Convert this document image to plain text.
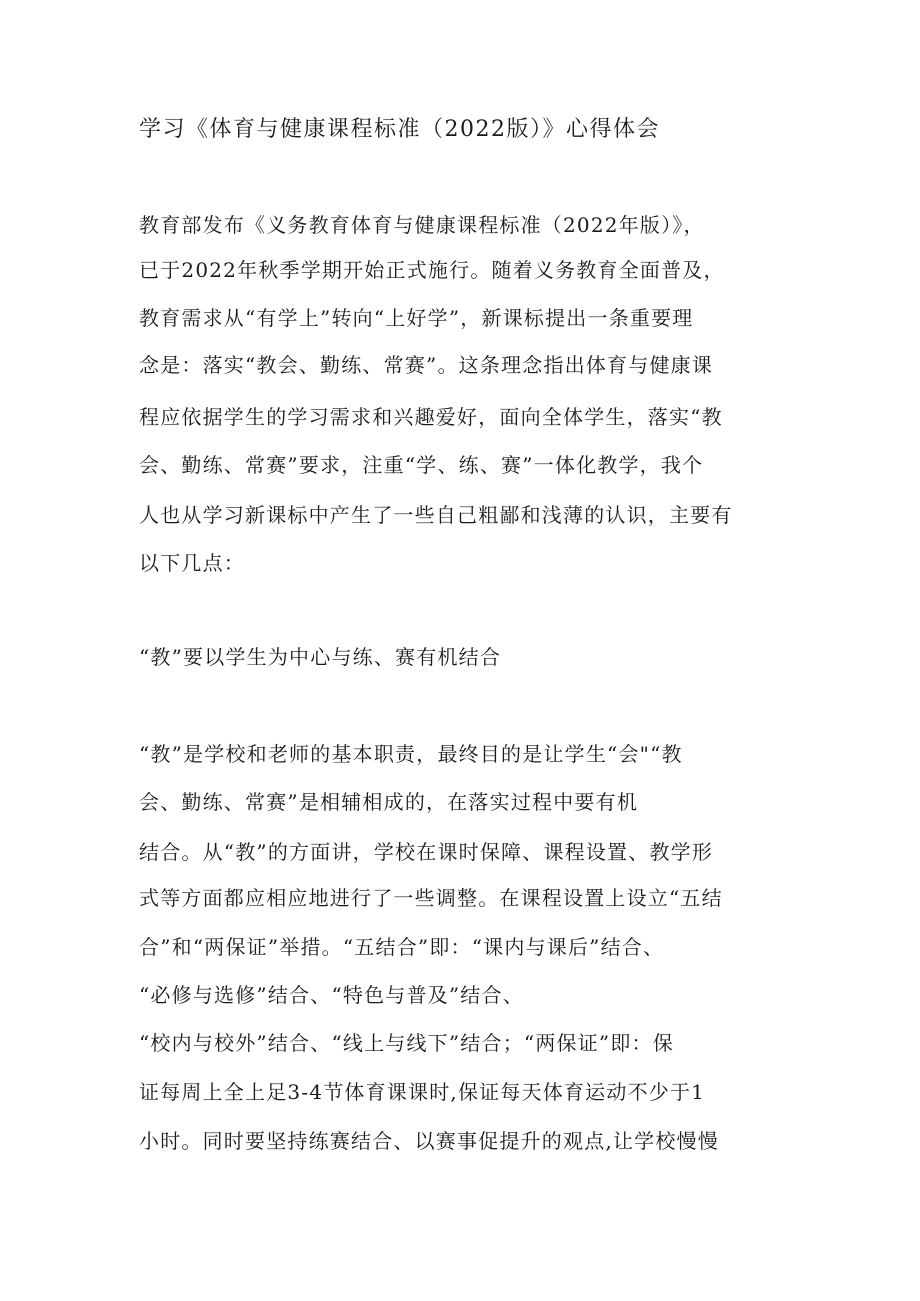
学习《体育与健康课程标准（2022版）》心得体会
教育部发布《义务教育体育与健康课程标准（2022年版）》，
已于2022年秋季学期开始正式施行。随着义务教育全面普及，
教育需求从“有学上”转向“上好学”，新课标提出一条重要理
念是：落实“教会、勤练、常赛”。这条理念指出体育与健康课
程应依据学生的学习需求和兴趣爱好，面向全体学生，落实“教
会、勤练、常赛”要求，注重“学、练、赛”一体化教学，我个
人也从学习新课标中产生了一些自己粗鄙和浅薄的认识，主要有
以下几点：
“教”要以学生为中心与练、赛有机结合
“教”是学校和老师的基本职责，最终目的是让学生“会"“教
会、勤练、常赛”是相辅相成的，在落实过程中要有机
结合。从“教”的方面讲，学校在课时保障、课程设置、教学形
式等方面都应相应地进行了一些调整。在课程设置上设立“五结
合”和“两保证”举措。“五结合”即：“课内与课后”结合、
“必修与选修”结合、“特色与普及”结合、
“校内与校外”结合、“线上与线下”结合；“两保证”即：保
证每周上全上足3-4节体育课课时,保证每天体育运动不少于1
小时。同时要坚持练赛结合、以赛事促提升的观点,让学校慢慢
